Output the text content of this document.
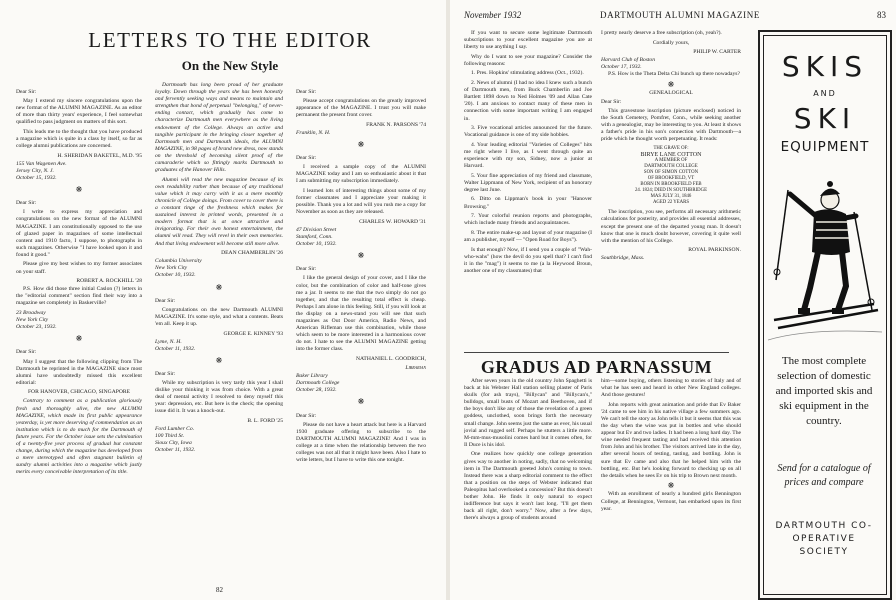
LETTERS TO THE EDITOR
On the New Style

Dear Sir:

May I extend my sincere congratulations upon the new format of the ALUMNI MAGAZINE. As an editor of more than thirty years' experience, I feel somewhat qualified to pass judgment on matters of this sort.

This leads me to the thought that you have produced a magazine which is quite in a class by itself, so far as college alumni publications are concerned.

H. SHERIDAN BAKETEL, M.D. '95

155 Van Wagenen Ave.

Jersey City, N. J.

October 15, 1932.

❋

Dear Sir:

I write to express my appreciation and congratulations on the new format of the ALUMNI MAGAZINE. I am constitutionally opposed to the use of glazed paper in magazines of some intellectual content and 1910 facto, I suppose, to photographs in such magazines. Otherwise "I have looked upon it and found it good."

Please give my best wishes to my former associates on your staff.

ROBERT A. ROCKHILL '28

P.S. How did those three initial Caslon (?) letters in the "editorial comment" section find their way into a magazine set completely in Baskerville?

23 Broadway

New York City

October 23, 1932.

❋

Dear Sir:

May I suggest that the following clipping from The Dartmouth be reprinted in the MAGAZINE since most alumni have undoubtedly missed this excellent editorial:

FOR HANOVER, CHICAGO, SINGAPORE

Contrary to comment as a publication gloriously fresh and thoroughly alive, the new ALUMNI MAGAZINE, which made its first public appearance yesterday, is yet more deserving of commendation as an institution which is to do much for the Dartmouth of future years. For the October issue sets the culmination of a twenty-five year process of gradual but constant change, during which the magazine has developed from a mere stereotyped and often stagnant bulletin of sundry alumni activities into a magazine which justly merits every conceivable interpretation of its title.

Dartmouth has long been proud of her graduate loyalty. Down through the years she has been honestly and fervently seeking ways and means to maintain and strengthen that bond of perpetual "belonging," of never-ending contact, which gradually has come to characterize Dartmouth men everywhere as the living endowment of the College. Always an active and tangible participant in the bringing closer together of Dartmouth men and Dartmouth ideals, the ALUMNI MAGAZINE, in 98 pages of brand new dress, now stands on the threshold of becoming silent proof of the camaraderie which so fittingly marks Dartmouth to graduates of the Hanover Hills.

Alumni will read the new magazine because of its own readability rather than because of any traditional value which it may carry with it as a mere monthly chronicle of College doings. From cover to cover there is a constant tinge of the freshness which makes for sustained interest in printed words, presented in a modern format that is at once attractive and invigorating. For their own honest entertainment, the alumni will read. They will revel in their own memories. And that living endowment will become still more alive.

DEAN CHAMBERLIN '26

Columbia University

New York City

October 10, 1932.

❋

Dear Sir:

Congratulations on the new Dartmouth ALUMNI MAGAZINE. It's some style, and what a contents. Beats 'em all. Keep it up.

GEORGE E. KINNEY '93

Lyme, N. H.

October 11, 1932.

❋

Dear Sir:

While my subscription is very tardy this year I shall dislike your thinking it was from choice. With a great deal of mental activity I resolved to deny myself this year: depression, etc. But here is the check; the opening issue did it. It was a knock-out.

B. L. FORD '25

Ford Lumber Co.

100 Third St.

Sioux City, Iowa

October 11, 1932.

Dear Sir:

Please accept congratulations on the greatly improved appearance of the MAGAZINE. I trust you will make permanent the present front cover.

FRANK N. PARSONS '74

Franklin, N. H.

❋

Dear Sir:

I received a sample copy of the ALUMNI MAGAZINE today and I am so enthusiastic about it that I am submitting my subscription immediately.

I learned lots of interesting things about some of my former classmates and I appreciate your making it possible. Thank you a lot and will you rush me a copy for November as soon as they are released.

CHARLES W. HOWARD '31

47 Division Street

Stamford, Conn.

October 10, 1932.

❋

Dear Sir:

I like the general design of your cover, and I like the color, but the combination of color and half-tone gives me a jar. It seems to me that the two simply do not go together, and that the resulting total effect is cheap. Perhaps I am alone in this feeling. Still, if you will look at the display on a news-stand you will see that such magazines as Out Door America, Radio News, and American Rifleman use this combination, while those which seem to be more interested in a harmonious cover do not. I hate to see the ALUMNI MAGAZINE getting into the former class.

NATHANIEL L. GOODRICH,

Librarian

Baker Library

Dartmouth College

October 28, 1932.

❋

Dear Sir:

Please do not have a heart attack but here is a Harvard 1930 graduate offering to subscribe to the DARTMOUTH ALUMNI MAGAZINE! And I was in college at a time when the relationship between the two colleges was not all that it might have been. Also I hate to write letters, but I have to write this one tonight.

82
November 1932	DARTMOUTH ALUMNI MAGAZINE	83

If you want to secure some legitimate Dartmouth subscriptions to your excellent magazine you are at liberty to use anything I say.

Why do I want to see your magazine? Consider the following reasons:

1. Pres. Hopkins' stimulating address (Oct., 1932).

2. News of alumni (I had no idea I knew such a bunch of Dartmouth men, from Buck Chamberlin and Joe Bartlett 1898 down to Ned Holmes '09 and Allan Cate '20). I am anxious to contact many of these men in connection with some important writing I am engaged in.

3. Five vocational articles announced for the future. Vocational guidance is one of my side hobbies.

4. Your leading editorial "Varieties of Colleges" hits me right where I live, as I went through quite an experience with my son, Sidney, now a junior at Harvard.

5. Your fine appreciation of my friend and classmate, Walter Lippmann of New York, recipient of an honorary degree last June.

6. Ditto on Lippman's book in your "Hanover Browsing."

7. Your colorful reunion reports and photographs, which include many friends and acquaintances.

8. The entire make-up and layout of your magazine (I am a publisher, myself — "Open Road for Boys").

Is that enough? Now, if I send you a couple of "Wah-who-wahs" (how the devil do you spell that? I can't find it in the "mag") it seems to me (a la Heywood Broun, another one of my classmates) that

I pretty nearly deserve a free subscription (oh, yeah?).

Cordially yours,

PHILIP W. CARTER

Harvard Club of Boston

October 17, 1932.

P.S. How is the Theta Delta Chi bunch up there nowadays?

❋

GENEALOGICAL

Dear Sir:

This gravestone inscription (picture enclosed) noticed in the South Cemetery, Pomfret, Conn., while seeking another with a genealogist, may be interesting to you. At least it shows a father's pride in his son's connection with Dartmouth—a pride which he thought worth perpetuating. It reads:

THE GRAVE OF:
BIRYE LANE COTTON
A MEMBER OF
DARTMOUTH COLLEGE
SON OF SIMON COTTON
OF BROOKFIELD, VT
BORN IN BROOKFIELD FEB
24. 1824; DIED IN SOUTHBRIDGE
MAS JULY 31, 1846
AGED 22 YEARS

The inscription, you see, performs all necessary arithmetic calculations for posterity, and provides all essential addresses, except the present one of the departed young man. It doesn't know that one is much doubt however, covering it quite well with the mention of his College.

ROYAL PARKINSON.

Southbridge, Mass.

GRADUS AD PARNASSUM

After seven years in the old country John Spaghetti is back at his Webster Hall station selling plaster of Paris skulls (for ash trays), "Billycan" and "Billycan's," bulldogs, small busts of Mozart and Beethoven, and if the boys don't like any of those the revelation of a green goddess, unclothed, soon brings forth the necessary small change. John seems just the same as ever, his usual jovial and rugged self. Perhaps he stutters a little more. M-mm-mus-musolini comes hard but it comes often, for Il Duce is his idol.

One realizes how quickly one college generation gives way to another in noting, sadly, that no welcoming item in The Dartmouth greeted John's coming to town. Instead there was a sharp editorial comment to the effect that a position on the steps of Webster indicated that Paleopitus had overlooked a concession? But this doesn't bother John. He finds it only natural to expect indifference but says it won't last long. "I'll get them back all right, don't worry." Now, after a few days, there's always a group of students around

him—some buying, others listening to stories of Italy and of what he has seen and heard in other New England colleges. And those gestures!

John reports with great animation and pride that Ev Baker '24 came to see him in his native village a few summers ago. We can't tell the story as John tells it but it seems that this was the day when the wine was put in bottles and who should appear but Ev and two ladies. It had been a long hard day. The wine needed frequent tasting and had received this attention from John and his brother. The visitors arrived late in the day, after several hours of testing, tasting, and bottling. John is sure that Ev came and also that he helped him with the bottling, etc. But he's looking forward to checking up on all the details when he sees Ev on his trip to Brown next month.

❋

With an enrollment of nearly a hundred girls Bennington College, at Bennington, Vermont, has embarked upon its first year.

SKIS
AND
SKI
EQUIPMENT
The most complete selection of domestic and imported skis and ski equipment in the country.
Send for a catalogue of prices and compare
DARTMOUTH CO-OPERATIVE SOCIETY
